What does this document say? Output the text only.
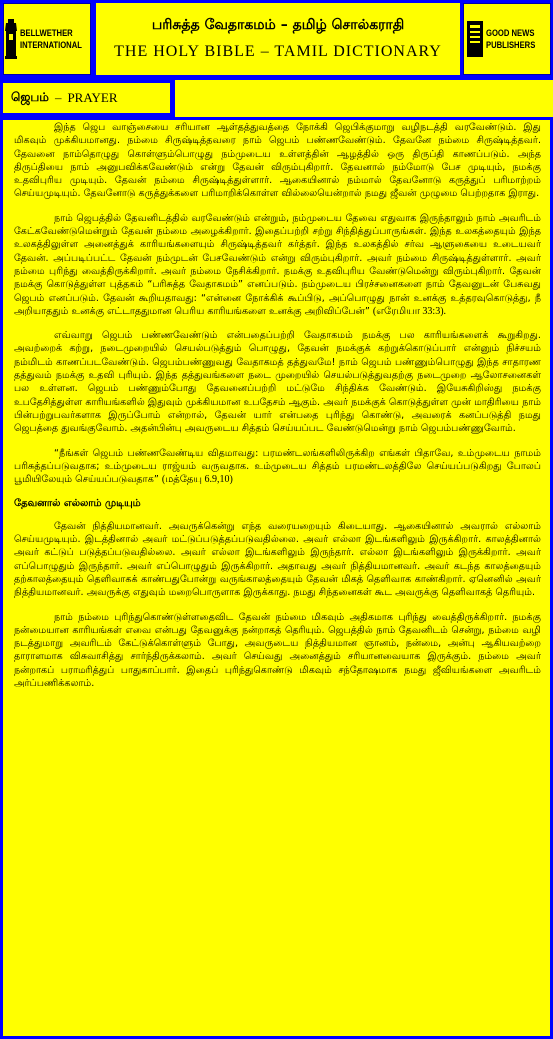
BELLWETHER INTERNATIONAL
பரிசுத்த வேதாகமம் – தமிழ் சொல்கராதி
THE HOLY BIBLE – TAMIL DICTIONARY
GOOD NEWS PUBLISHERS
ஜெபம் – PRAYER

இந்த ஜெப வாஞ்சையை சரியான ஆள்தத்துவத்தை நோக்கி ஜெபிக்குமாறு வழிநடத்தி வரவேண்டும். இது மிகவும் முக்கியமானது. நம்மை சிருஷ்டித்தவரை நாம் ஜெபம் பண்ணவேண்டும். தேவனே நம்மை சிருஷ்டித்தவர். தேவனை நாம்தொழுது கொள்ளும்பொழுது நம்முடைய உள்ளத்தின் ஆழத்தில் ஒரு திருப்தி காணப்படும். அந்த திருப்தியை நாம் அனுபவிக்கவேண்டும் என்று தேவன் விரும்புகிறார். தேவனால் நம்மோடு பேச முடியும், நமக்கு உதவிபுரிய முடியும். தேவன் நம்மை சிருஷ்டித்துள்ளார். ஆகையினால் நம்மால் தேவனோடு கருத்துப் பரிமாற்றம் செய்யமுடியும். தேவனோடு கருத்துக்களை பரிமாறிக்கொள்ள வில்லையென்றால் நமது ஜீவன் முழுமை பெற்றதாக இராது.

நாம் ஜெபத்தில் தேவனிடத்தில் வரவேண்டும் என்றும், நம்முடைய தேவை எதுவாக இருந்தாலும் நாம் அவரிடம் கேட்கவேண்டுமென்றும் தேவன் நம்மை அழைக்கிறார். இதைப்பற்றி சற்று சிந்தித்துப்பாருங்கள். இந்த உலகத்தையும் இந்த உலகத்திலுள்ள அனைத்துக் காரியங்களையும் சிருஷ்டித்தவர் கர்த்தர். இந்த உலகத்தில் சர்வ ஆளுகையை உடையவர் தேவன். அப்படிப்பட்ட தேவன் நம்முடன் பேசவேண்டும் என்று விரும்புகிறார். அவர் நம்மை சிருஷ்டித்துள்ளார். அவர் நம்மை புரிந்து வைத்திருக்கிறார். அவர் நம்மை நேசிக்கிறார். நமக்கு உதவிபுரிய வேண்டுமென்று விரும்புகிறார். தேவன் நமக்கு கொடுத்துள்ள புத்தகம் “பரிசுத்த வேதாகமம்” எனப்படும். நம்முடைய பிரச்சனைகளை நாம் தேவனுடன் பேசுவது ஜெபம் எனப்படும். தேவன் கூறியதாவது: “என்னை நோக்கிக் கூப்பிடு, அப்பொழுது நான் உனக்கு உத்தரவுகொடுத்து, நீ அறியாததும் உனக்கு எட்டாததுமான பெரிய காரியங்களை உனக்கு அறிவிப்பேன்” (எரேமியா 33:3).

எவ்வாறு ஜெபம் பண்ணவேண்டும் என்பதைப்பற்றி வேதாகமம் நமக்கு பல காரியங்களைக் கூறுகிறது. அவற்றைக் கற்று, நடைமுறையில் செயல்படுத்தும் பொழுது, தேவன் நமக்குக் கற்றுக்கொடுப்பார் என்னும் நிச்சயம் நம்மிடம் காணப்படவேண்டும். ஜெபம்பண்ணுவது வேதாகமத் தத்துவமே! நாம் ஜெபம் பண்ணும்பொழுது இந்த சாதாரண தத்துவம் நமக்கு உதவி புரியும். இந்த தத்துவங்களை நடை முறையில் செயல்படுத்துவதற்கு நடைமுறை ஆலோசனைகள் பல உள்ளன. ஜெபம் பண்ணும்போது தேவனைப்பற்றி மட்டுமே சிந்திக்க வேண்டும். இயேசுகிறிஸ்து நமக்கு உபதேசித்துள்ள காரியங்களில் இதுவும் முக்கியமான உபதேசம் ஆகும். அவர் நமக்குக் கொடுத்துள்ள முன் மாதிரியை நாம் பின்பற்றுபவர்களாக இருப்போம் என்றால், தேவன் யார் என்பதை புரிந்து கொண்டு, அவரைக் கனப்படுத்தி நமது ஜெபத்தை துவங்குவோம். அதன்பின்பு அவருடைய சித்தம் செய்யப்பட வேண்டுமென்று நாம் ஜெபம்பண்ணுவோம்.

“நீங்கள் ஜெபம் பண்ணவேண்டிய விதமாவது: பரமண்டலங்களிலிருக்கிற எங்கள் பிதாவே, உம்முடைய நாமம் பரிசுத்தப்படுவதாக; உம்முடைய ராஜ்யம் வருவதாக. உம்முடைய சித்தம் பரமண்டலத்திலே செய்யப்படுகிறது போலப் பூமியிலேயும் செய்யப்படுவதாக” (மத்தேயு 6.9,10)

தேவனால் எல்லாம் முடியும்

தேவன் நித்தியமானவர். அவருக்கென்று எந்த வரையறையும் கிடையாது. ஆகையினால் அவரால் எல்லாம் செய்யமுடியும். இடத்தினால் அவர் மட்டுப்படுத்தப்படுவதில்லை. அவர் எல்லா இடங்களிலும் இருக்கிறார். காலத்தினால் அவர் கட்டுப் படுத்தப்படுவதில்லை. அவர் எல்லா இடங்களிலும் இருந்தார். எல்லா இடங்களிலும் இருக்கிறார். அவர் எப்பொழுதும் இருந்தார். அவர் எப்பொழுதும் இருக்கிறார். அதாவது அவர் நித்தியமானவர். அவர் கடந்த காலத்தையும் தற்காலத்தையும் தெளிவாகக் காண்பதுபோன்று வருங்காலத்தையும் தேவன் மிகத் தெளிவாக காண்கிறார். ஏனெனில் அவர் நித்தியமானவர். அவருக்கு எதுவும் மறைபொருளாக இருக்காது. நமது சிந்தனைகள் கூட அவருக்கு தெளிவாகத் தெரியும்.

நாம் நம்மை புரிந்துகொண்டுள்ளதைவிட தேவன் நம்மை மிகவும் அதிகமாக புரிந்து வைத்திருக்கிறார். நமக்கு நன்மையான காரியங்கள் எவை என்பது தேவனுக்கு நன்றாகத் தெரியும். ஜெபத்தில் நாம் தேவனிடம் சென்று, நம்மை வழி நடத்துமாறு அவரிடம் கேட்டுக்கொள்ளும் போது, அவருடைய நித்தியமான ஞானம், நன்மை, அன்பு ஆகியவற்றை தாராளமாக விசுவாசித்து சார்ந்திருக்கலாம். அவர் செய்வது அனைத்தும் சரியானவையாக இருக்கும். நம்மை அவர் நன்றாகப் பராமரித்துப் பாதுகாப்பார். இதைப் புரிந்துகொண்டு மிகவும் சந்தோஷமாக நமது ஜீவியங்களை அவரிடம் அர்ப்பணிக்கலாம்.
